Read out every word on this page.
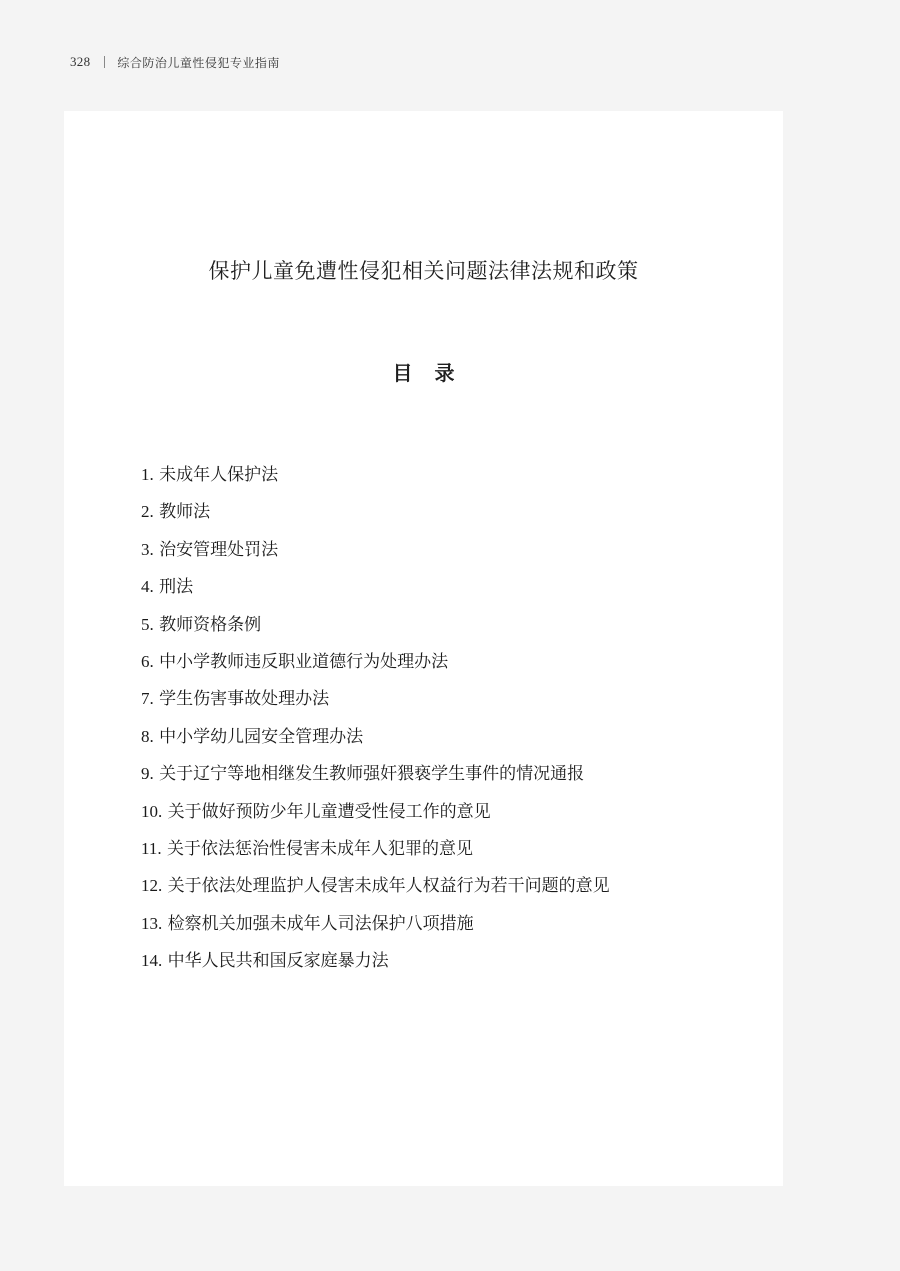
328 综合防治儿童性侵犯专业指南
保护儿童免遭性侵犯相关问题法律法规和政策
目 录
1. 未成年人保护法
2. 教师法
3. 治安管理处罚法
4. 刑法
5. 教师资格条例
6. 中小学教师违反职业道德行为处理办法
7. 学生伤害事故处理办法
8. 中小学幼儿园安全管理办法
9. 关于辽宁等地相继发生教师强奸猥亵学生事件的情况通报
10. 关于做好预防少年儿童遭受性侵工作的意见
11. 关于依法惩治性侵害未成年人犯罪的意见
12. 关于依法处理监护人侵害未成年人权益行为若干问题的意见
13. 检察机关加强未成年人司法保护八项措施
14. 中华人民共和国反家庭暴力法
